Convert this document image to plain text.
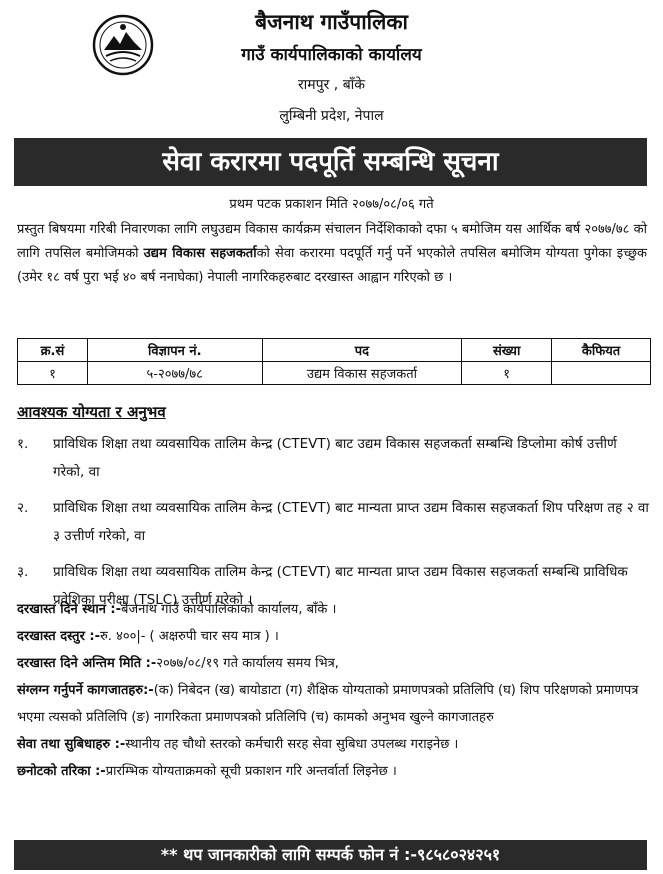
बैजनाथ गाउँपालिका
गाउँ कार्यपालिकाको कार्यालय
रामपुर , बाँके
लुम्बिनी प्रदेश, नेपाल
सेवा करारमा पदपूर्ति सम्बन्धि सूचना
प्रथम पटक प्रकाशन मिति २०७७/०८/०६ गते
प्रस्तुत बिषयमा गरिबी निवारणका लागि लघुउद्यम विकास कार्यक्रम संचालन निर्देशिकाको दफा ५ बमोजिम यस आर्थिक बर्ष २०७७/७८ को लागि तपसिल बमोजिमको उद्यम विकास सहजकर्ताको सेवा करारमा पदपूर्ति गर्नु पर्ने भएकोले तपसिल बमोजिम योग्यता पुगेका इच्छुक (उमेर १८ वर्ष पुरा भई ४० बर्ष ननाघेका) नेपाली नागरिकहरुबाट दरखास्त आह्वान गरिएको छ ।
क्र.सं	विज्ञापन नं.	पद	संख्या	कैफियत
१	५-२०७७/७८	उद्यम विकास सहजकर्ता	१	
आवश्यक योग्यता र अनुभव
१.	प्राविधिक शिक्षा तथा व्यवसायिक तालिम केन्द्र (CTEVT) बाट उद्यम विकास सहजकर्ता सम्बन्धि डिप्लोमा कोर्ष उत्तीर्ण गरेको, वा
२.	प्राविधिक शिक्षा तथा व्यवसायिक तालिम केन्द्र (CTEVT) बाट मान्यता प्राप्त उद्यम विकास सहजकर्ता शिप परिक्षण तह २ वा ३ उत्तीर्ण गरेको, वा
३.	प्राविधिक शिक्षा तथा व्यवसायिक तालिम केन्द्र (CTEVT) बाट मान्यता प्राप्त उद्यम विकास सहजकर्ता सम्बन्धि प्राविधिक प्रवेशिका परीक्षा (TSLC) उत्तीर्ण गरेको ।
दरखास्त दिने स्थान :-बैजनाथ गाउँ कार्यपालिकाको कार्यालय, बाँके ।
दरखास्त दस्तुर :-रु. ४००|- ( अक्षरुपी चार सय मात्र ) ।
दरखास्त दिने अन्तिम मिति :-२०७७/०८/१९ गते कार्यालय समय भित्र,
संग्लग्न गर्नुपर्ने कागजातहरु:-(क) निबेदन (ख) बायोडाटा (ग) शैक्षिक योग्यताको प्रमाणपत्रको प्रतिलिपि (घ) शिप परिक्षणको प्रमाणपत्र भएमा त्यसको प्रतिलिपि (ङ) नागरिकता प्रमाणपत्रको प्रतिलिपि (च) कामको अनुभव खुल्ने कागजातहरु
सेवा तथा सुबिधाहरु :-स्थानीय तह चौथो स्तरको कर्मचारी सरह सेवा सुबिधा उपलब्ध गराइनेछ ।
छनोटको तरिका :-प्रारम्भिक योग्यताक्रमको सूची प्रकाशन गरि अन्तर्वार्ता लिइनेछ ।
** थप जानकारीको लागि सम्पर्क फोन नं :-९८५८०२४२५१
